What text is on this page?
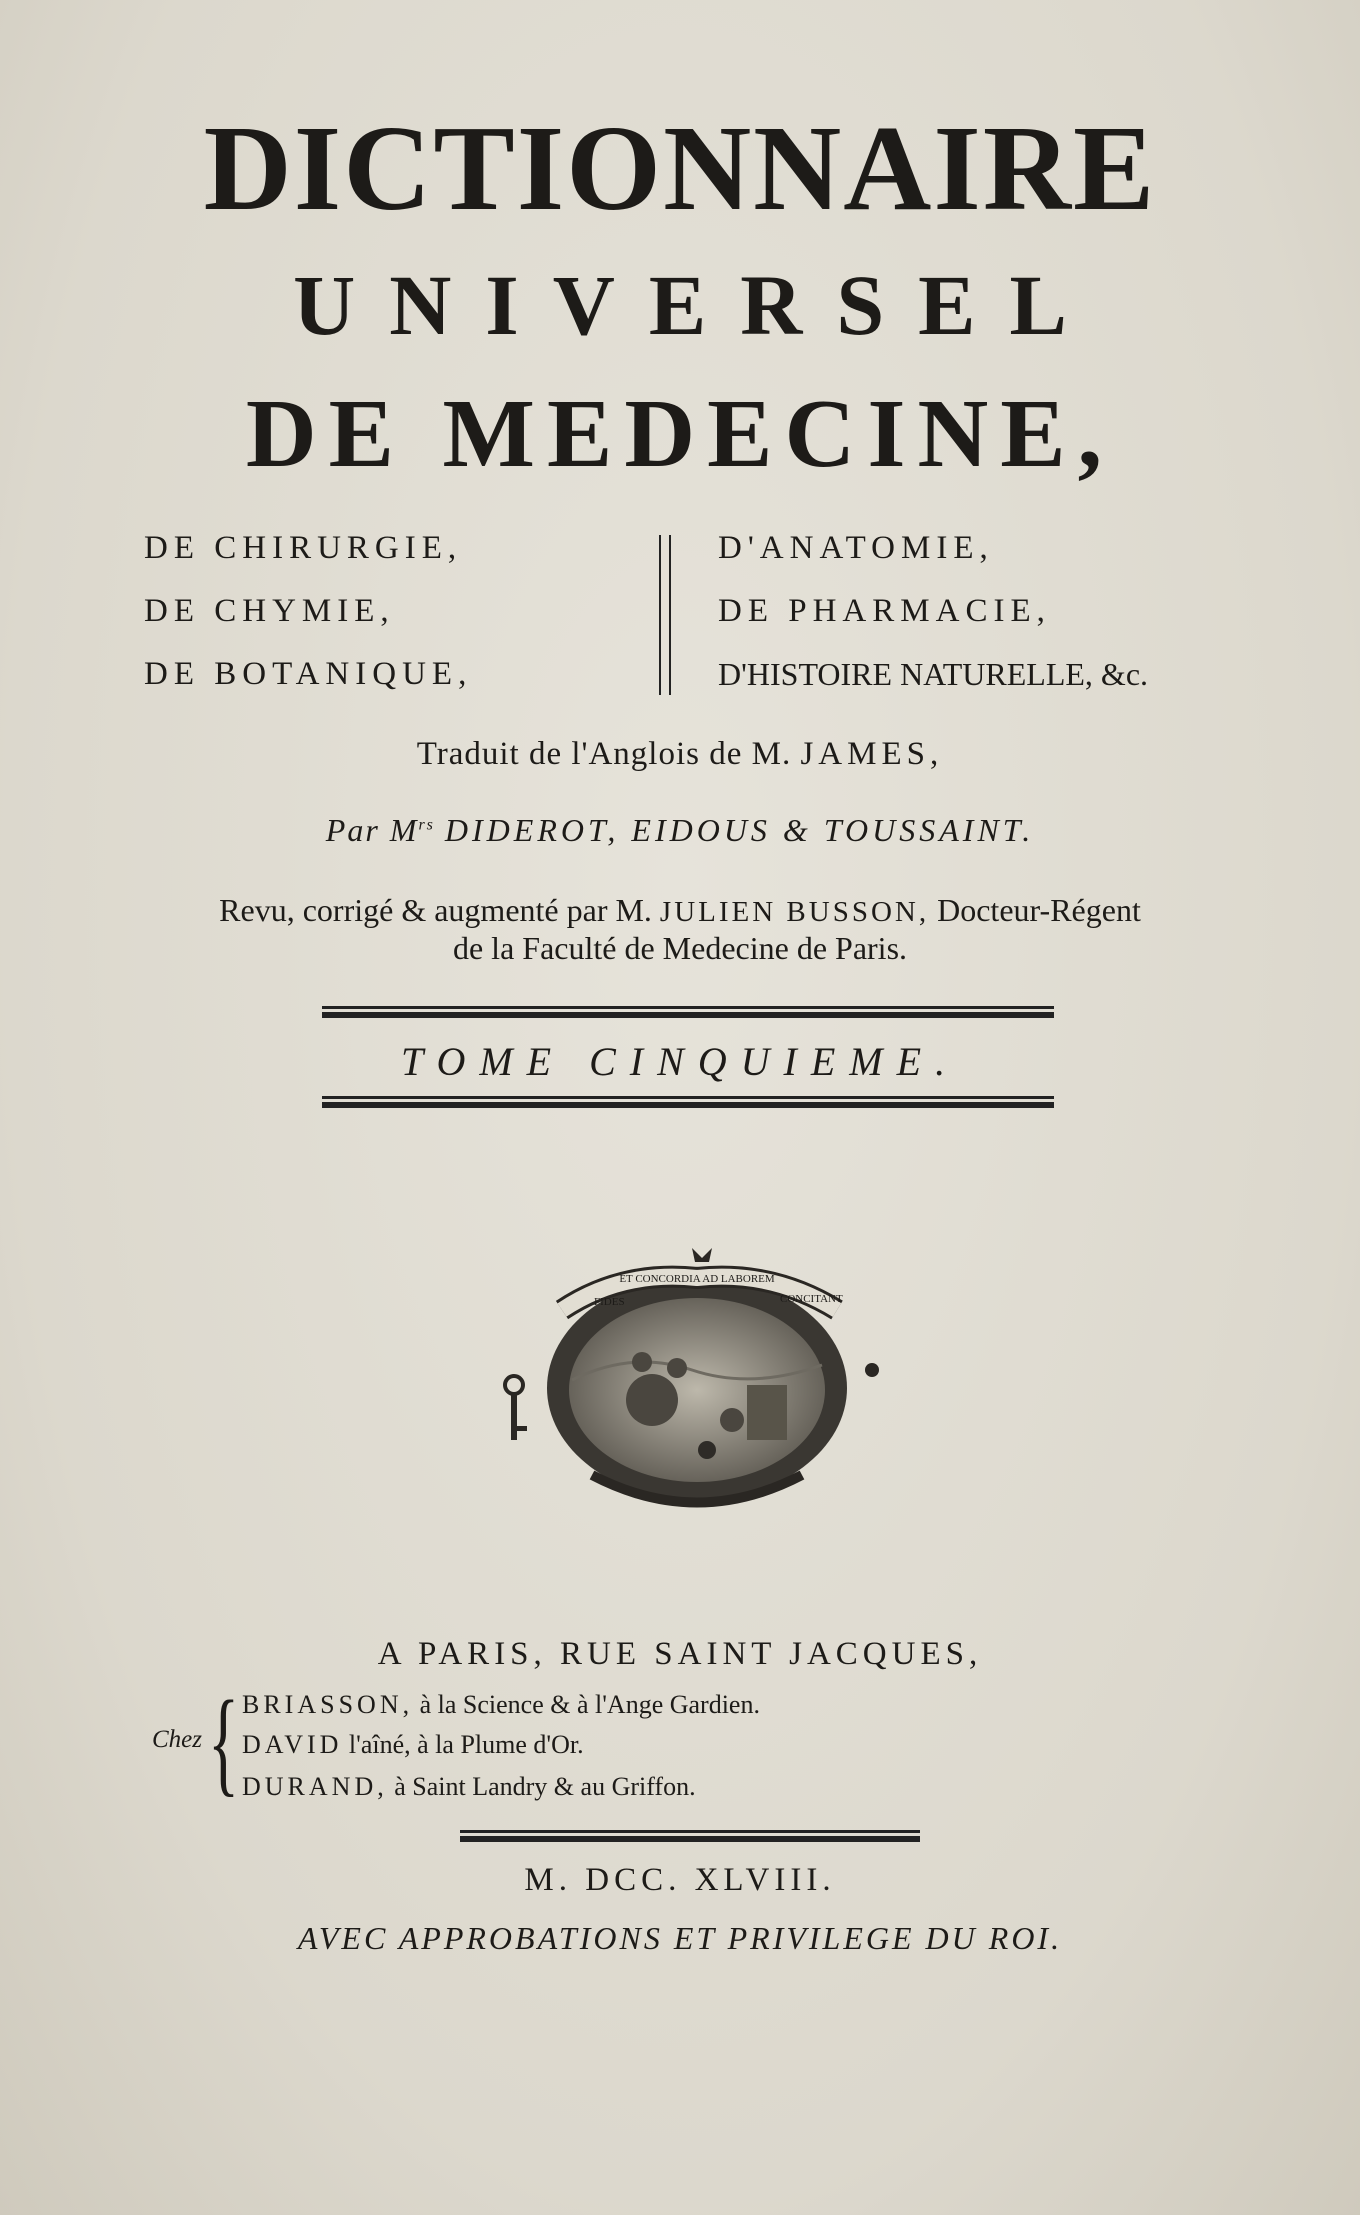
DICTIONNAIRE
UNIVERSEL
DE MEDECINE,
DE CHIRURGIE,
DE CHYMIE,
DE BOTANIQUE,
D'ANATOMIE,
DE PHARMACIE,
D'HISTOIRE NATURELLE, &c.
Traduit de l'Anglois de M. JAMES,
Par $M^{rs}$ DIDEROT, EIDOUS & TOUSSAINT.
Revu, corrigé & augmenté par M. JULIEN BUSSON, Docteur-Régent
de la Faculté de Medecine de Paris.
TOME CINQUIEME.
FIDES
ET CONCORDIA AD LABOREM
CONCITANT
A PARIS, RUE SAINT JACQUES,
Chez { BRIASSON, à la Science & à l'Ange Gardien.
DAVID l'aîné, à la Plume d'Or.
DURAND, à Saint Landry & au Griffon.
M. DCC. XLVIII.
AVEC APPROBATIONS ET PRIVILEGE DU ROI.
